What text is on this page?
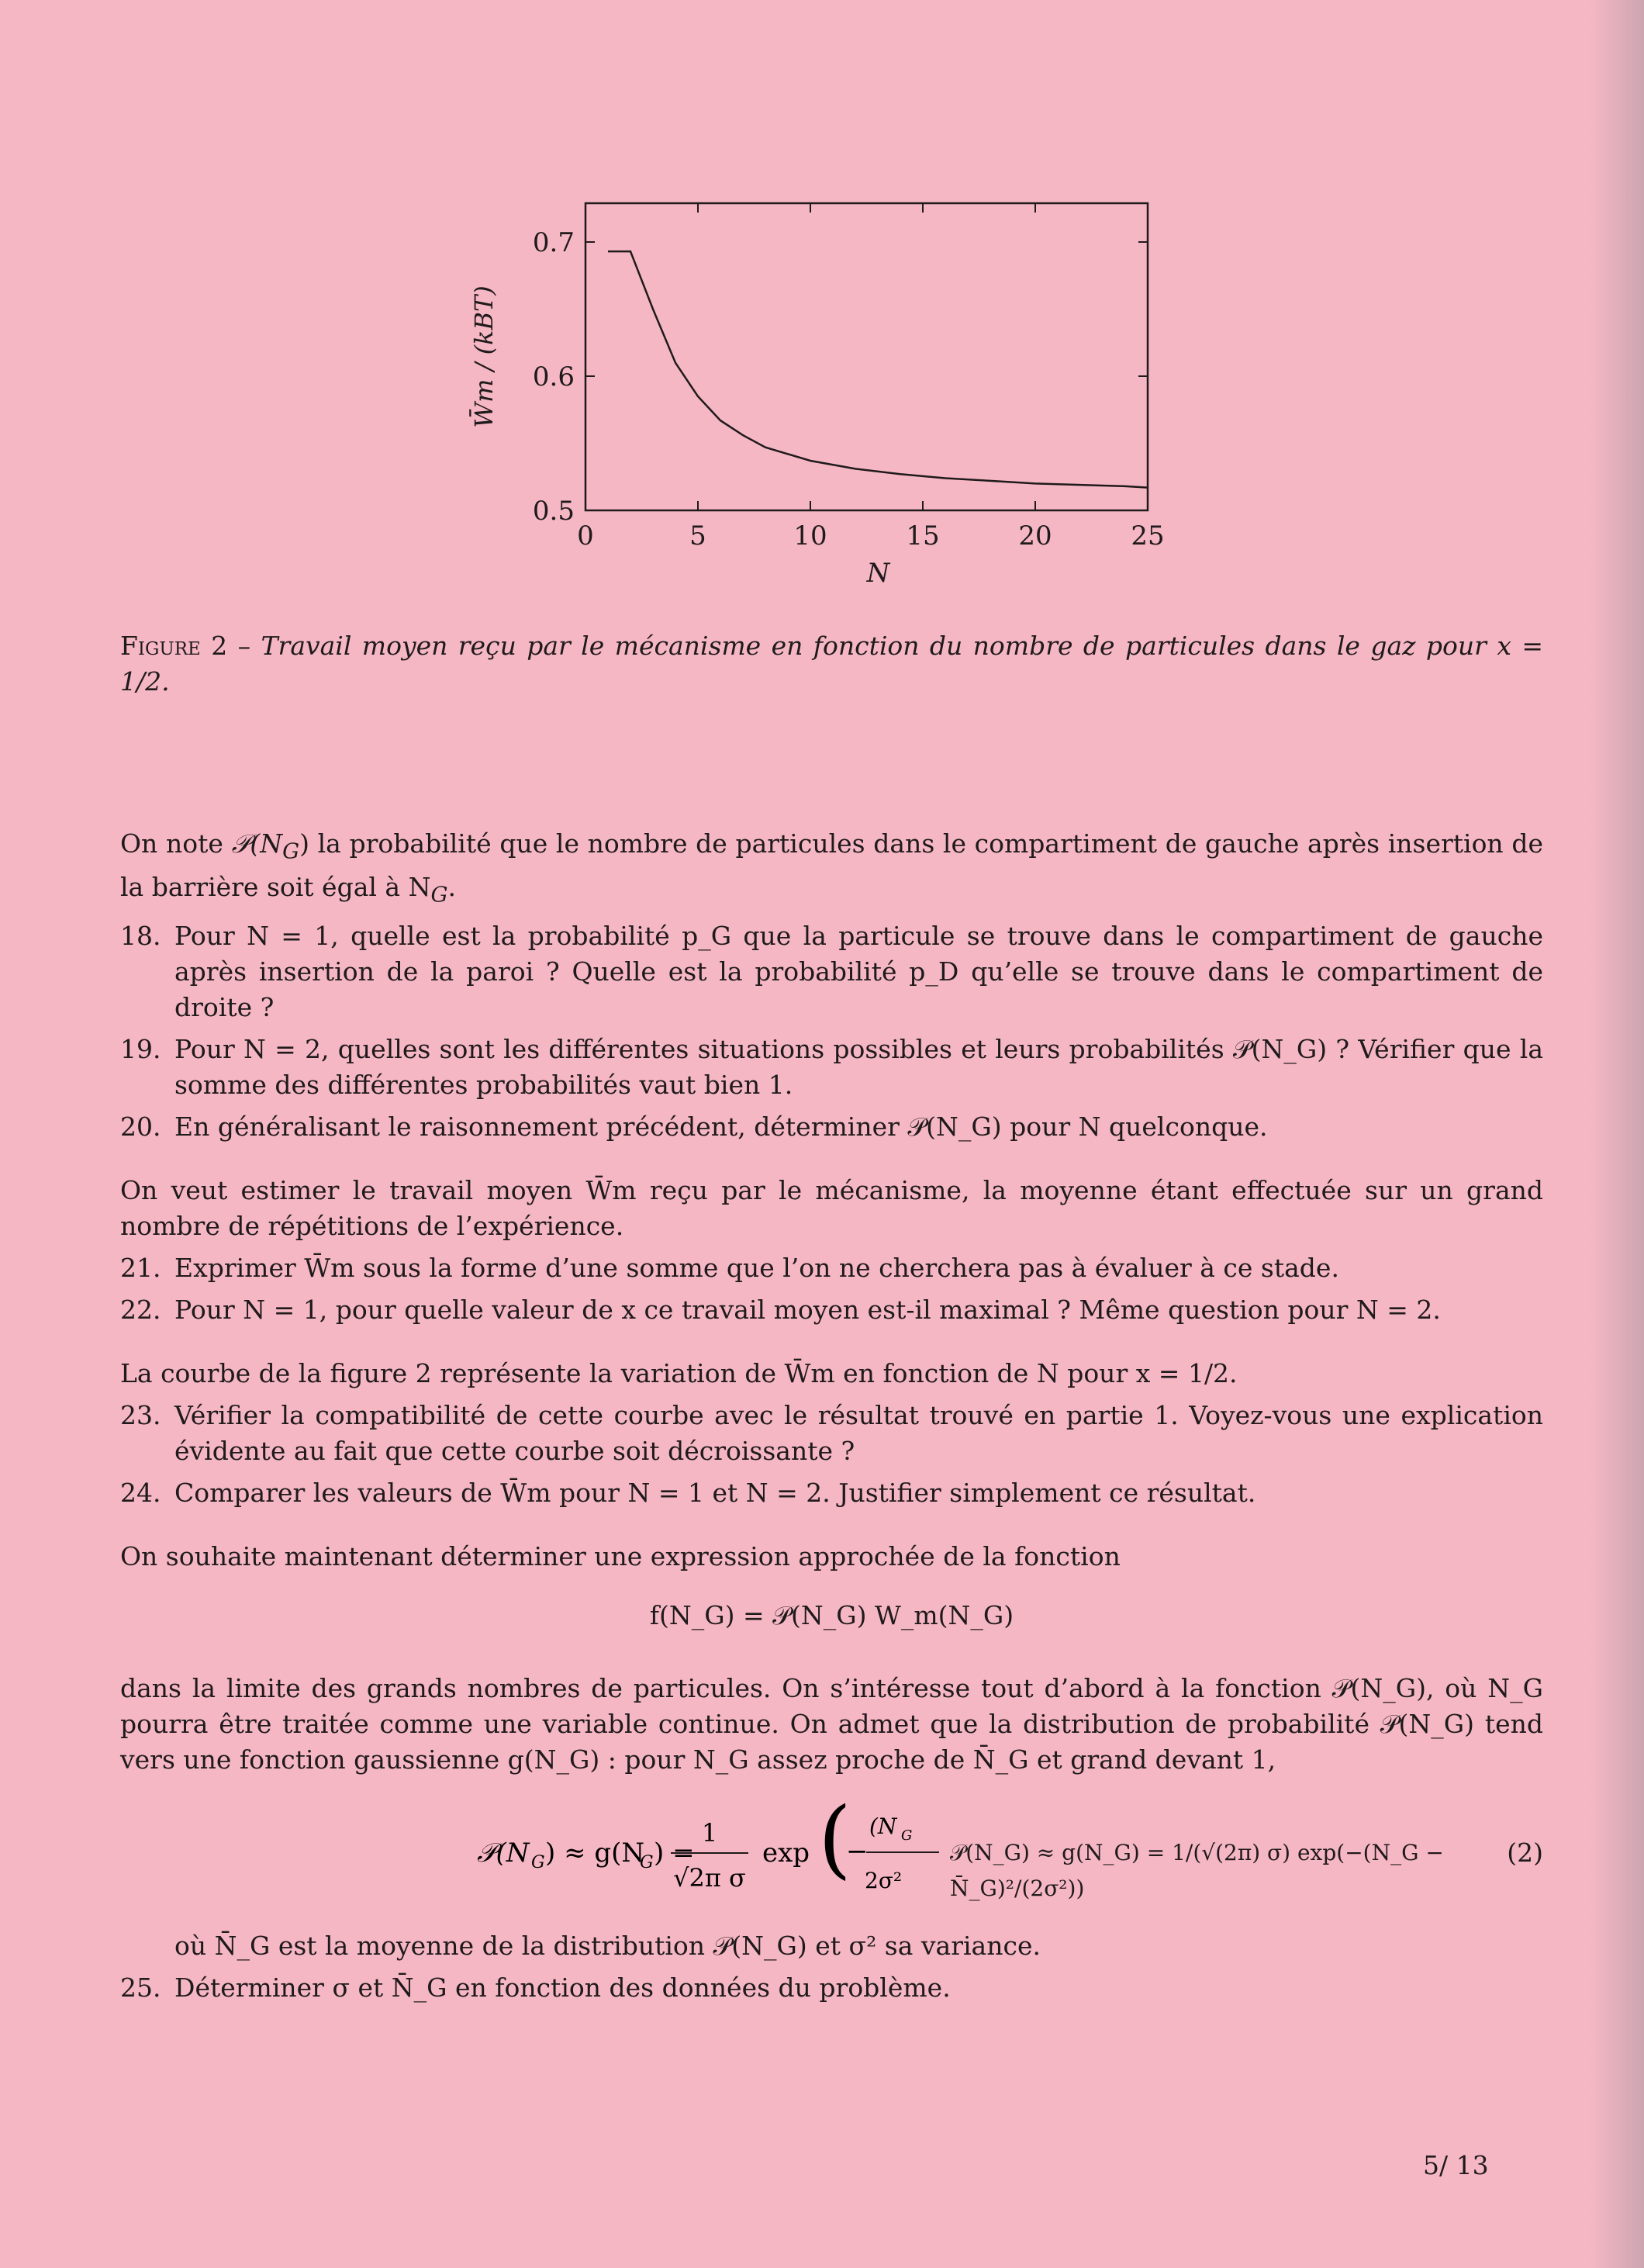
0	5	10	15	20	25
0.5
0.6
0.7
N
W̄m / (kBT)
Figure 2 – Travail moyen reçu par le mécanisme en fonction du nombre de particules dans le gaz pour x = 1/2.

On note $𝒫(N_G)$ la probabilité que le nombre de particules dans le compartiment de gauche après insertion de la barrière soit égal à $N_G$.

18. Pour N = 1, quelle est la probabilité p_G que la particule se trouve dans le compartiment de gauche après insertion de la paroi ? Quelle est la probabilité p_D qu’elle se trouve dans le compartiment de droite ?
19. Pour N = 2, quelles sont les différentes situations possibles et leurs probabilités 𝒫(N_G) ? Vérifier que la somme des différentes probabilités vaut bien 1.
20. En généralisant le raisonnement précédent, déterminer 𝒫(N_G) pour N quelconque.

On veut estimer le travail moyen W̄m reçu par le mécanisme, la moyenne étant effectuée sur un grand nombre de répétitions de l’expérience.

21. Exprimer W̄m sous la forme d’une somme que l’on ne cherchera pas à évaluer à ce stade.
22. Pour N = 1, pour quelle valeur de x ce travail moyen est-il maximal ? Même question pour N = 2.

La courbe de la figure 2 représente la variation de W̄m en fonction de N pour x = 1/2.

23. Vérifier la compatibilité de cette courbe avec le résultat trouvé en partie 1. Voyez-vous une explication évidente au fait que cette courbe soit décroissante ?
24. Comparer les valeurs de W̄m pour N = 1 et N = 2. Justifier simplement ce résultat.

On souhaite maintenant déterminer une expression approchée de la fonction

f(N_G) = 𝒫(N_G) W_m(N_G)

dans la limite des grands nombres de particules. On s’intéresse tout d’abord à la fonction 𝒫(N_G), où N_G pourra être traitée comme une variable continue. On admet que la distribution de probabilité 𝒫(N_G) tend vers une fonction gaussienne g(N_G) : pour N_G assez proche de N̄_G et grand devant 1,

𝒫(N G ) ≈ g(N
G ) =
1
√2π σ
exp (
−
(N G
2σ²
(2)
𝒫(N_G) ≈ g(N_G) = 1/(√(2π) σ) exp(−(N_G − N̄_G)²/(2σ²))

où N̄_G est la moyenne de la distribution 𝒫(N_G) et σ² sa variance.

25. Déterminer σ et N̄_G en fonction des données du problème.
5/ 13
